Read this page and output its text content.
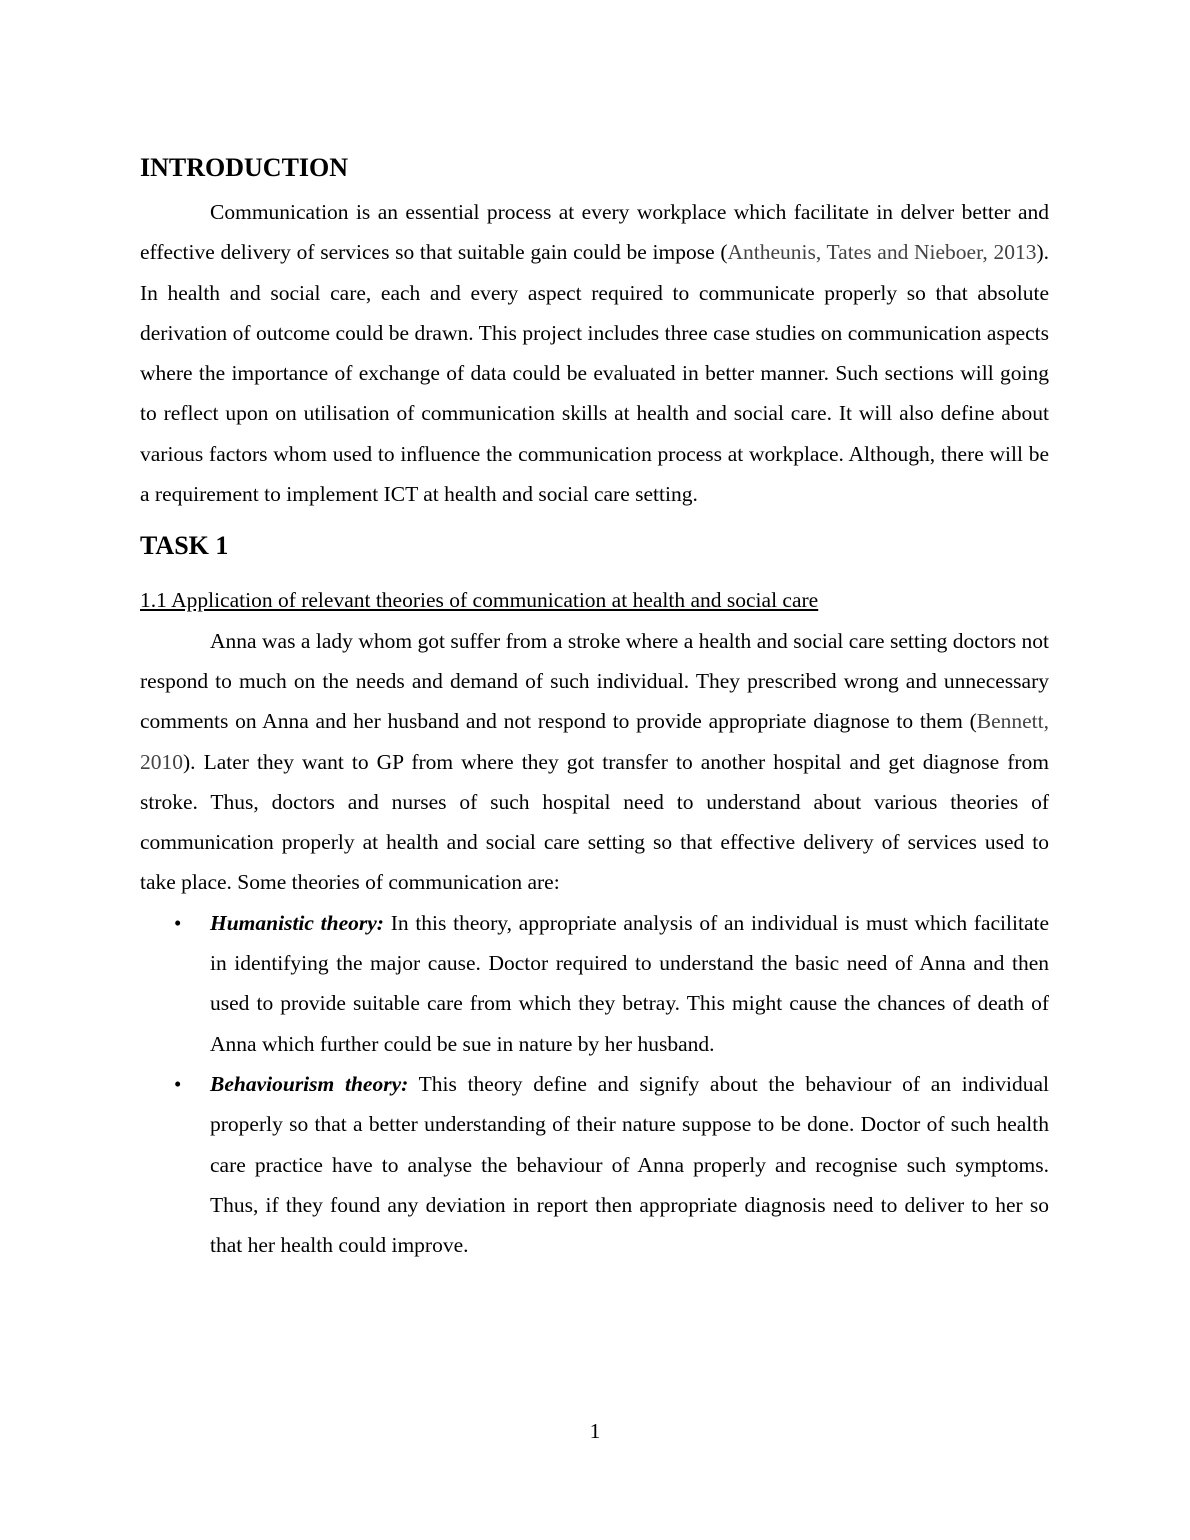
INTRODUCTION

Communication is an essential process at every workplace which facilitate in delver better and effective delivery of services so that suitable gain could be impose (Antheunis, Tates and Nieboer, 2013). In health and social care, each and every aspect required to communicate properly so that absolute derivation of outcome could be drawn. This project includes three case studies on communication aspects where the importance of exchange of data could be evaluated in better manner. Such sections will going to reflect upon on utilisation of communication skills at health and social care. It will also define about various factors whom used to influence the communication process at workplace. Although, there will be a requirement to implement ICT at health and social care setting.

TASK 1
1.1 Application of relevant theories of communication at health and social care

Anna was a lady whom got suffer from a stroke where a health and social care setting doctors not respond to much on the needs and demand of such individual. They prescribed wrong and unnecessary comments on Anna and her husband and not respond to provide appropriate diagnose to them (Bennett, 2010). Later they want to GP from where they got transfer to another hospital and get diagnose from stroke. Thus, doctors and nurses of such hospital need to understand about various theories of communication properly at health and social care setting so that effective delivery of services used to take place. Some theories of communication are:

• Humanistic theory: In this theory, appropriate analysis of an individual is must which facilitate in identifying the major cause. Doctor required to understand the basic need of Anna and then used to provide suitable care from which they betray. This might cause the chances of death of Anna which further could be sue in nature by her husband.
• Behaviourism theory: This theory define and signify about the behaviour of an individual properly so that a better understanding of their nature suppose to be done. Doctor of such health care practice have to analyse the behaviour of Anna properly and recognise such symptoms. Thus, if they found any deviation in report then appropriate diagnosis need to deliver to her so that her health could improve.
1
